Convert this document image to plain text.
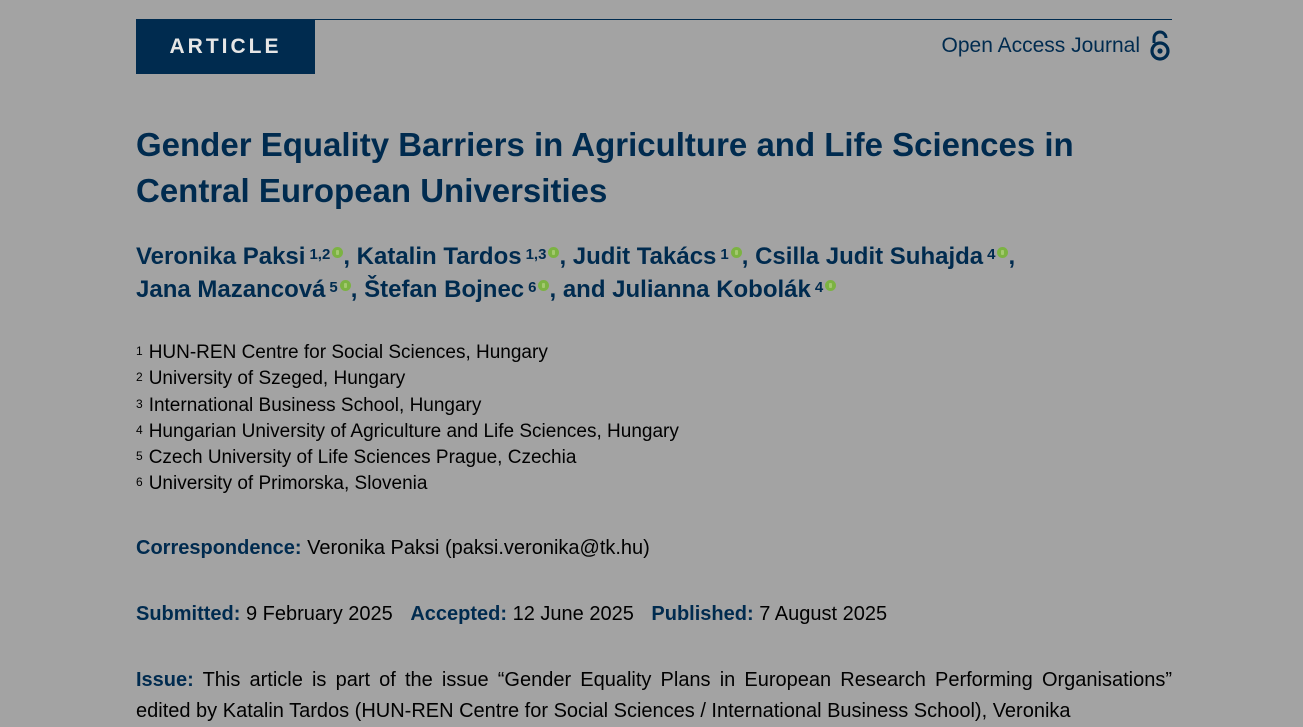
ARTICLE	Open Access Journal
Gender Equality Barriers in Agriculture and Life Sciences in Central European Universities
Veronika Paksi $^{1,2}$ , Katalin Tardos $^{1,3}$ , Judit Takács $^1$ , Csilla Judit Suhajda $^4$ ,
Jana Mazancová $^5$ , Štefan Bojnec $^6$ , and Julianna Kobolák $^4$
$^1$ HUN-REN Centre for Social Sciences, Hungary
$^2$ University of Szeged, Hungary
$^3$ International Business School, Hungary
$^4$ Hungarian University of Agriculture and Life Sciences, Hungary
$^5$ Czech University of Life Sciences Prague, Czechia
$^6$ University of Primorska, Slovenia
Correspondence: Veronika Paksi (paksi.veronika@tk.hu)
Submitted: 9 February 2025 Accepted: 12 June 2025 Published: 7 August 2025

Issue: This article is part of the issue “Gender Equality Plans in European Research Performing Organisations” edited by Katalin Tardos (HUN-REN Centre for Social Sciences / International Business School), Veronika
